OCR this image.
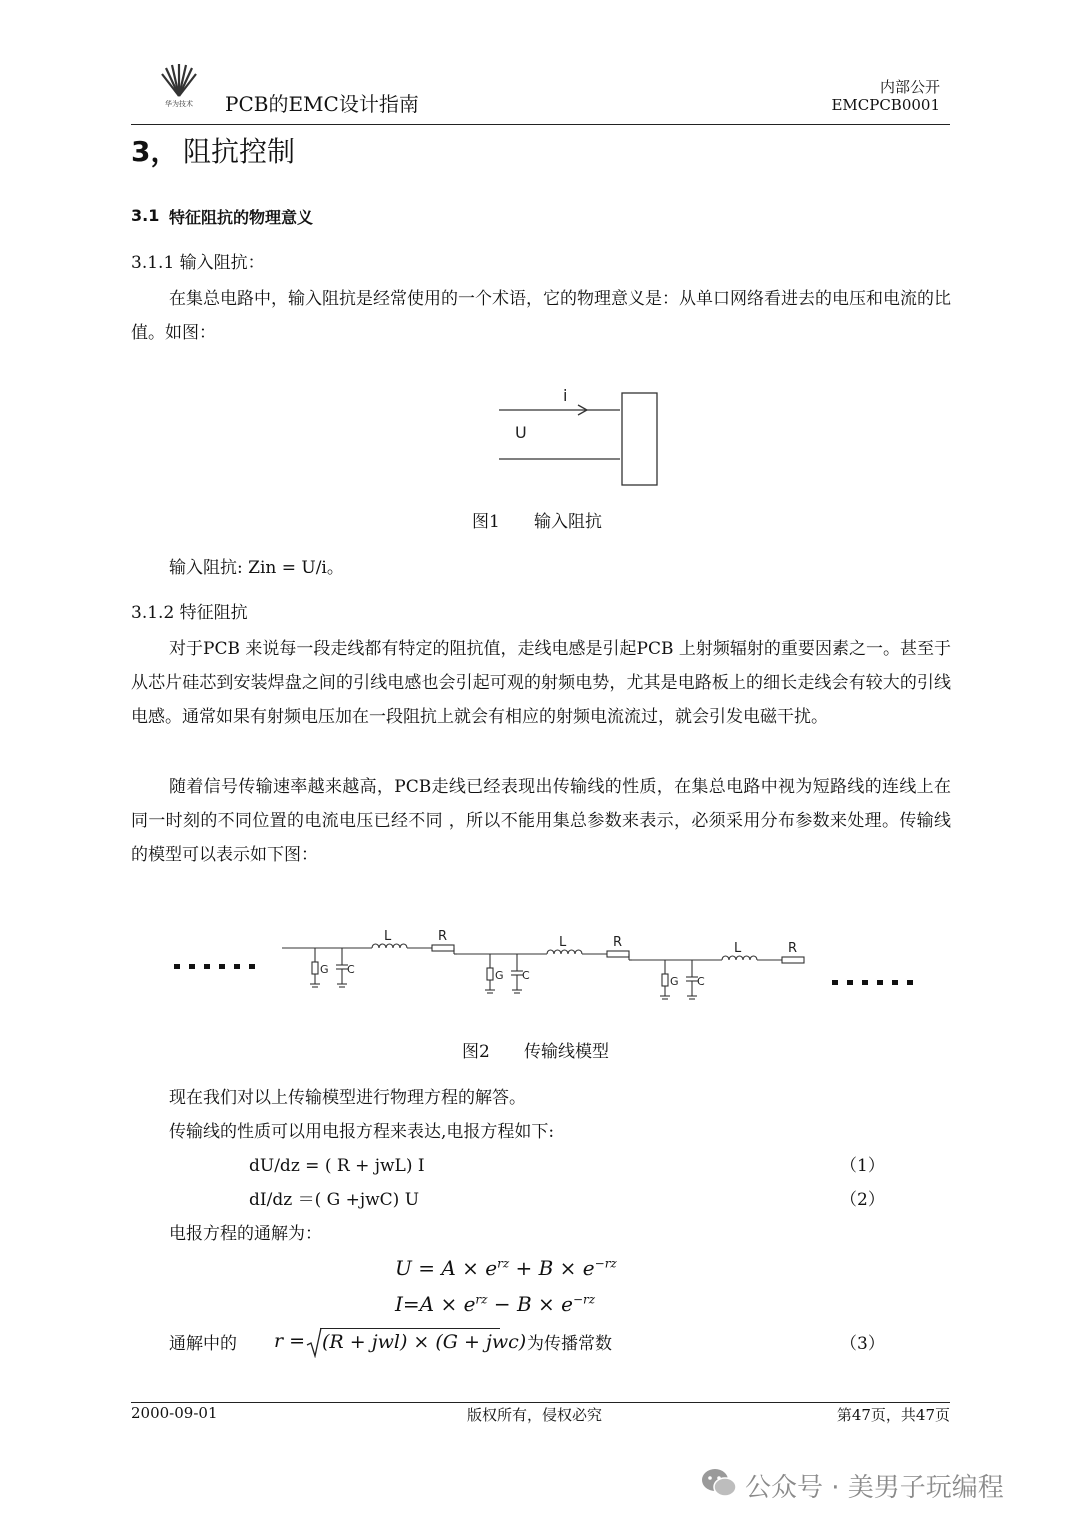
华为技术 PCB的EMC设计指南
内部公开
EMCPCB0001
3， 阻抗控制
3.1 特征阻抗的物理意义
3.1.1 输入阻抗：
在集总电路中，输入阻抗是经常使用的一个术语，它的物理意义是：从单口网络看进去的电压和电流的比值。如图：
i
U
图1 输入阻抗
输入阻抗: Zin = U/i。
3.1.2 特征阻抗
对于PCB 来说每一段走线都有特定的阻抗值，走线电感是引起PCB 上射频辐射的重要因素之一。甚至于从芯片硅芯到安装焊盘之间的引线电感也会引起可观的射频电势，尤其是电路板上的细长走线会有较大的引线电感。通常如果有射频电压加在一段阻抗上就会有相应的射频电流流过，就会引发电磁干扰。
随着信号传输速率越来越高，PCB走线已经表现出传输线的性质，在集总电路中视为短路线的连线上在同一时刻的不同位置的电流电压已经不同 ，所以不能用集总参数来表示，必须采用分布参数来处理。传输线的模型可以表示如下图：
G C
L	R
G C
L	R
G C
L	R
图2 传输线模型
现在我们对以上传输模型进行物理方程的解答。
传输线的性质可以用电报方程来表达,电报方程如下:
dU/dz = ( R + jwL) I	（1）
dI/dz ＝( G +jwC) U	（2）
电报方程的通解为：
$U = A \times e^{rz} + B \times e^{-rz}$
$I=A \times e^{rz} - B \times e^{-rz}$
通解中的 r = (R + jwl) × (G + jwc) 为传播常数	（3）
2000-09-01	版权所有，侵权必究	第47页，共47页
公众号 · 美男子玩编程
